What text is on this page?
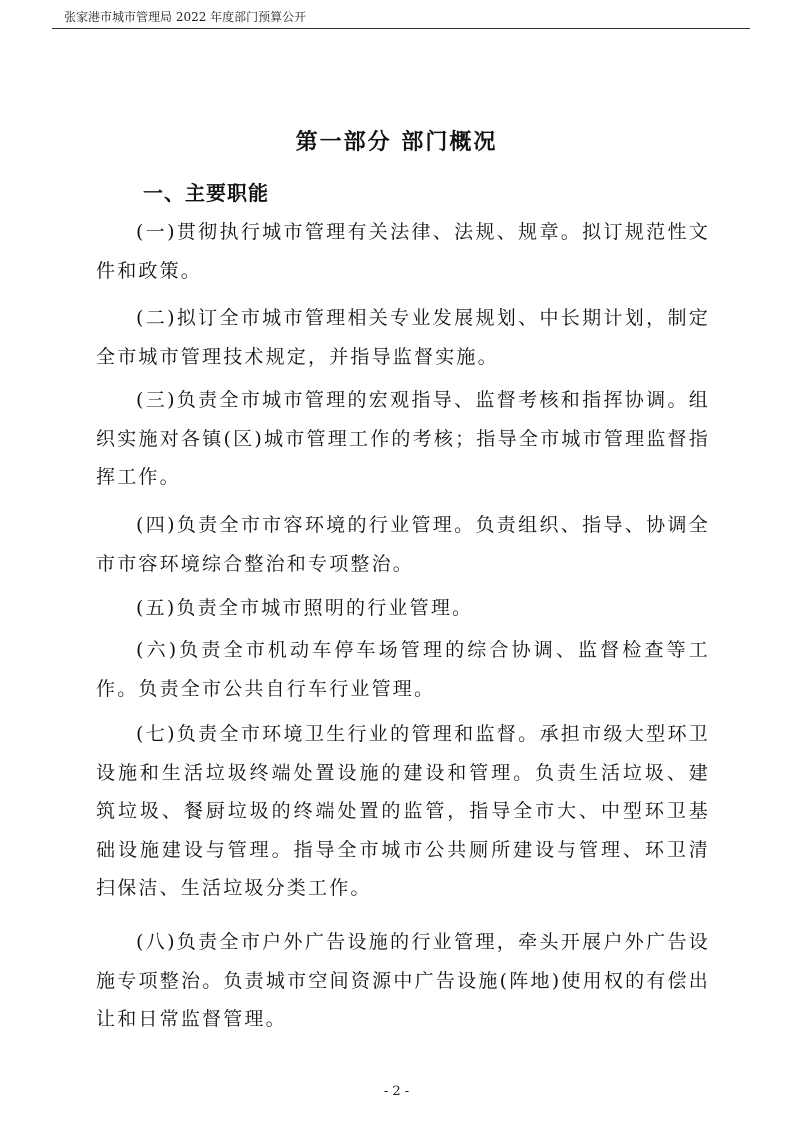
张家港市城市管理局 2022 年度部门预算公开
第一部分 部门概况
一、主要职能

(一)贯彻执行城市管理有关法律、法规、规章。拟订规范性文件和政策。

(二)拟订全市城市管理相关专业发展规划、中长期计划，制定全市城市管理技术规定，并指导监督实施。

(三)负责全市城市管理的宏观指导、监督考核和指挥协调。组织实施对各镇(区)城市管理工作的考核；指导全市城市管理监督指挥工作。

(四)负责全市市容环境的行业管理。负责组织、指导、协调全市市容环境综合整治和专项整治。

(五)负责全市城市照明的行业管理。

(六)负责全市机动车停车场管理的综合协调、监督检查等工作。负责全市公共自行车行业管理。

(七)负责全市环境卫生行业的管理和监督。承担市级大型环卫设施和生活垃圾终端处置设施的建设和管理。负责生活垃圾、建筑垃圾、餐厨垃圾的终端处置的监管，指导全市大、中型环卫基础设施建设与管理。指导全市城市公共厕所建设与管理、环卫清扫保洁、生活垃圾分类工作。

(八)负责全市户外广告设施的行业管理，牵头开展户外广告设施专项整治。负责城市空间资源中广告设施(阵地)使用权的有偿出让和日常监督管理。

- 2 -
